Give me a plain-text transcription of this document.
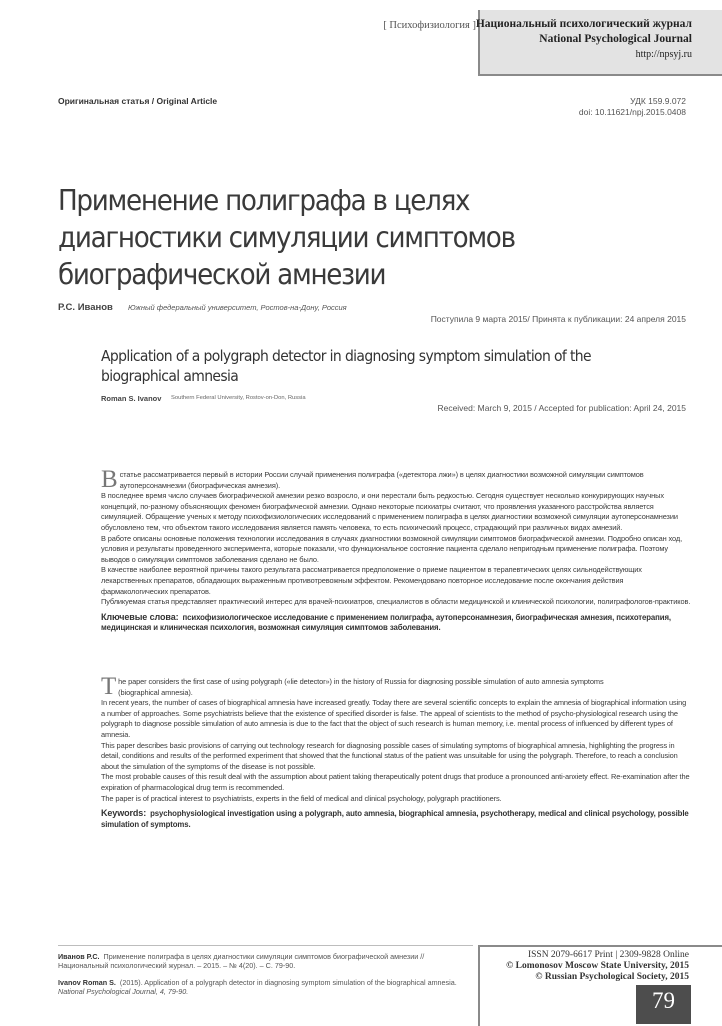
[ Психофизиология ] Национальный психологический журнал
National Psychological Journal
http://npsyj.ru
Оригинальная статья / Original Article	УДК 159.9.072
doi: 10.11621/npj.2015.0408
Применение полиграфа в целях диагностики симуляции симптомов биографической амнезии
Р.С. Иванов Южный федеральный университет, Ростов-на-Дону, Россия
Поступила 9 марта 2015/ Принята к публикации: 24 апреля 2015
Application of a polygraph detector in diagnosing symptom simulation of the biographical amnesia
Roman S. Ivanov Southern Federal University, Rostov-on-Don, Russia
Received: March 9, 2015 / Accepted for publication: April 24, 2015

Встатье рассматривается первый в истории России случай применения полиграфа («детектора лжи») в целях диагностики возможной симуляции симптомов
аутоперсонамнезии (биографическая амнезия).

В последнее время число случаев биографической амнезии резко возросло, и они перестали быть редкостью. Сегодня существует несколько конкурирующих научных концепций, по-разному объясняющих феномен биографической амнезии. Однако некоторые психиатры считают, что проявления указанного расстройства является симуляцией. Обращение ученых к методу психофизиологических исследований с применением полиграфа в целях диагностики возможной симуляции аутоперсонамнезии обусловлено тем, что объектом такого исследования является память человека, то есть психический процесс, страдающий при различных видах амнезий.

В работе описаны основные положения технологии исследования в случаях диагностики возможной симуляции симптомов биографической амнезии. Подробно описан ход, условия и результаты проведенного эксперимента, которые показали, что функциональное состояние пациента сделало непригодным применение полиграфа. Поэтому выводов о симуляции симптомов заболевания сделано не было.

В качестве наиболее вероятной причины такого результата рассматривается предположение о приеме пациентом в терапевтических целях сильнодействующих лекарственных препаратов, обладающих выраженным противотревожным эффектом. Рекомендовано повторное исследование после окончания действия фармакологических препаратов.

Публикуемая статья представляет практический интерес для врачей-психиатров, специалистов в области медицинской и клинической психологии, полиграфологов-практиков.

Ключевые слова: психофизиологическое исследование с применением полиграфа, аутоперсонамнезия, биографическая амнезия, психотерапия, медицинская и клиническая психология, возможная симуляция симптомов заболевания.

The paper considers the first case of using polygraph («lie detector») in the history of Russia for diagnosing possible simulation of auto amnesia symptoms
(biographical amnesia).

In recent years, the number of cases of biographical amnesia have increased greatly. Today there are several scientific concepts to explain the amnesia of biographical information using a number of approaches. Some psychiatrists believe that the existence of specified disorder is false. The appeal of scientists to the method of psycho-physiological research using the polygraph to diagnose possible simulation of auto amnesia is due to the fact that the object of such research is human memory, i.e. mental process of influenced by different types of amnesia.

This paper describes basic provisions of carrying out technology research for diagnosing possible cases of simulating symptoms of biographical amnesia, highlighting the progress in detail, conditions and results of the performed experiment that showed that the functional status of the patient was unsuitable for using the polygraph. Therefore, to reach a conclusion about the simulation of the symptoms of the disease is not possible.

The most probable causes of this result deal with the assumption about patient taking therapeutically potent drugs that produce a pronounced anti-anxiety effect. Re-examination after the expiration of pharmacological drug term is recommended.

The paper is of practical interest to psychiatrists, experts in the field of medical and clinical psychology, polygraph practitioners.

Keywords: psychophysiological investigation using a polygraph, auto amnesia, biographical amnesia, psychotherapy, medical and clinical psychology, possible simulation of symptoms.

Иванов Р.С. Применение полиграфа в целях диагностики симуляции симптомов биографической амнезии // Национальный психологический журнал. – 2015. – № 4(20). – С. 79-90.
Ivanov Roman S. (2015). Application of a polygraph detector in diagnosing symptom simulation of the biographical amnesia. National Psychological Journal, 4, 79-90.
ISSN 2079-6617 Print | 2309-9828 Online
© Lomonosov Moscow State University, 2015
© Russian Psychological Society, 2015
79
